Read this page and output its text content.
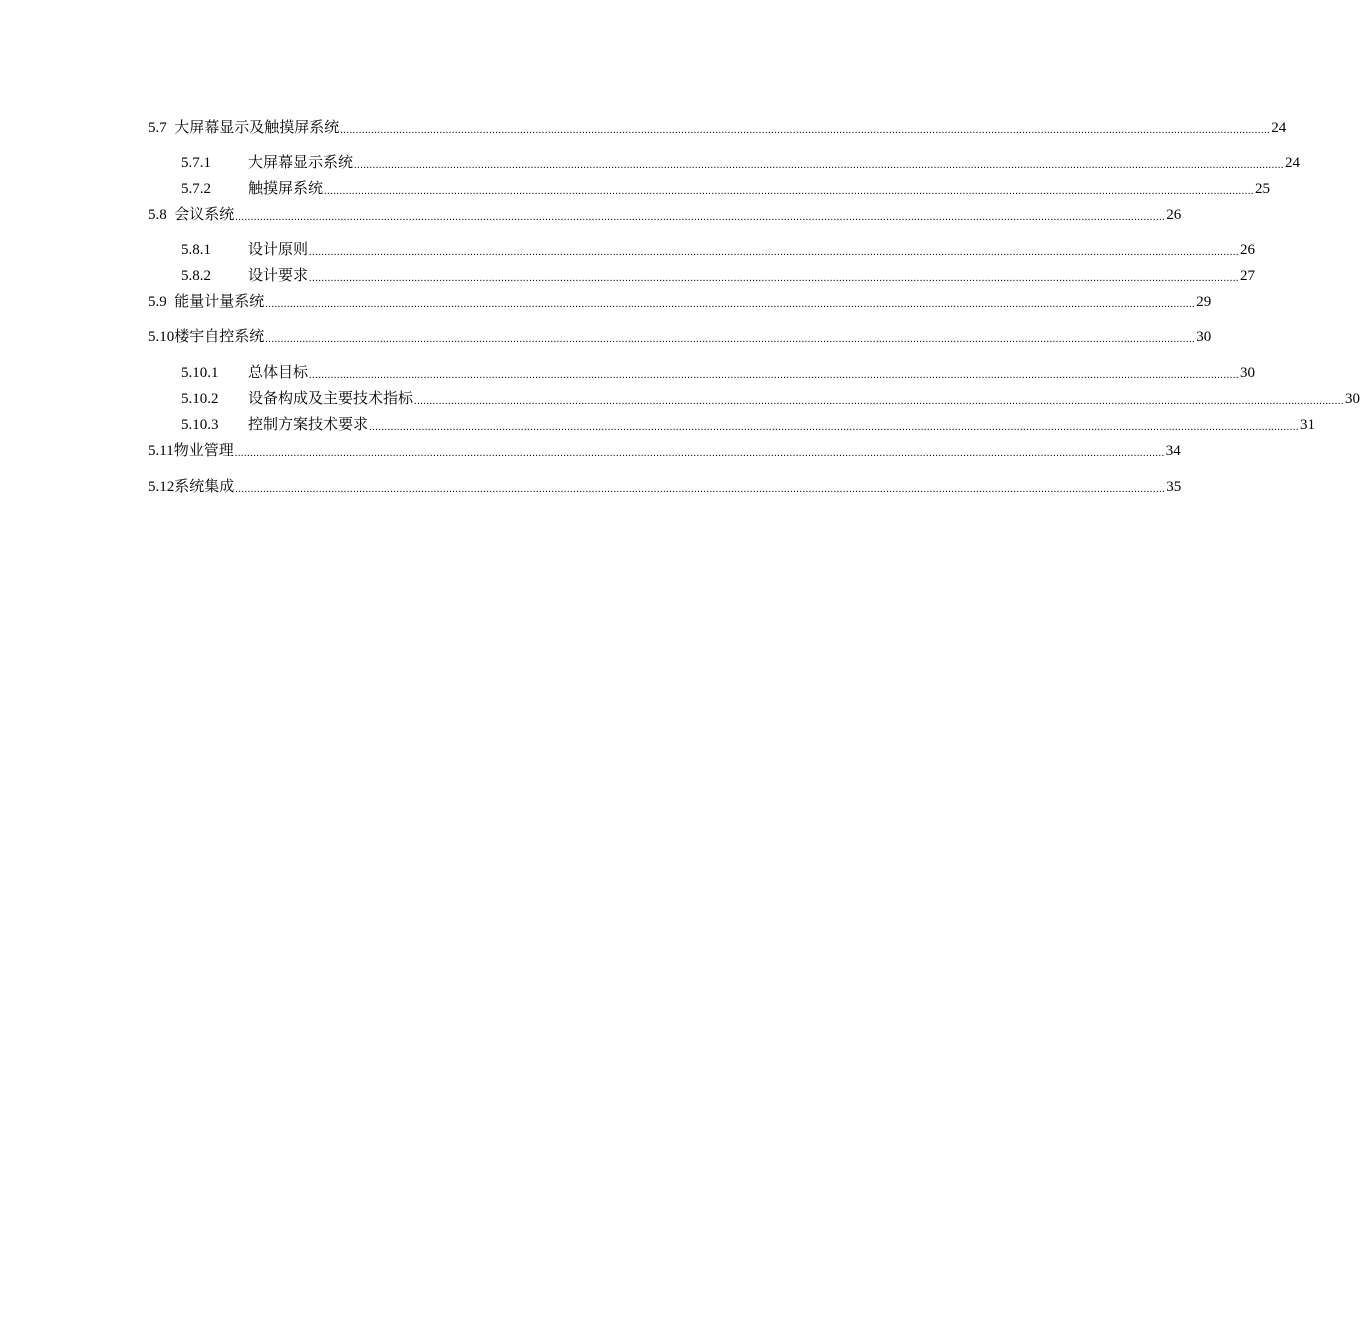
5.7 大屏幕显示及触摸屏系统 ............................................................................................................................................................................................................................................................................................................ 24
5.7.1	大屏幕显示系统 ............................................................................................................................................................................................................................................................................................................ 24
5.7.2	触摸屏系统 ............................................................................................................................................................................................................................................................................................................ 25
5.8 会议系统 ............................................................................................................................................................................................................................................................................................................ 26
5.8.1	设计原则 ............................................................................................................................................................................................................................................................................................................ 26
5.8.2	设计要求 ............................................................................................................................................................................................................................................................................................................ 27
5.9 能量计量系统 ............................................................................................................................................................................................................................................................................................................ 29
5.10 楼宇自控系统 ............................................................................................................................................................................................................................................................................................................ 30
5.10.1	总体目标 ............................................................................................................................................................................................................................................................................................................ 30
5.10.2	设备构成及主要技术指标 ............................................................................................................................................................................................................................................................................................................ 30
5.10.3	控制方案技术要求 ............................................................................................................................................................................................................................................................................................................ 31
5.11 物业管理 ............................................................................................................................................................................................................................................................................................................ 34
5.12 系统集成 ............................................................................................................................................................................................................................................................................................................ 35
